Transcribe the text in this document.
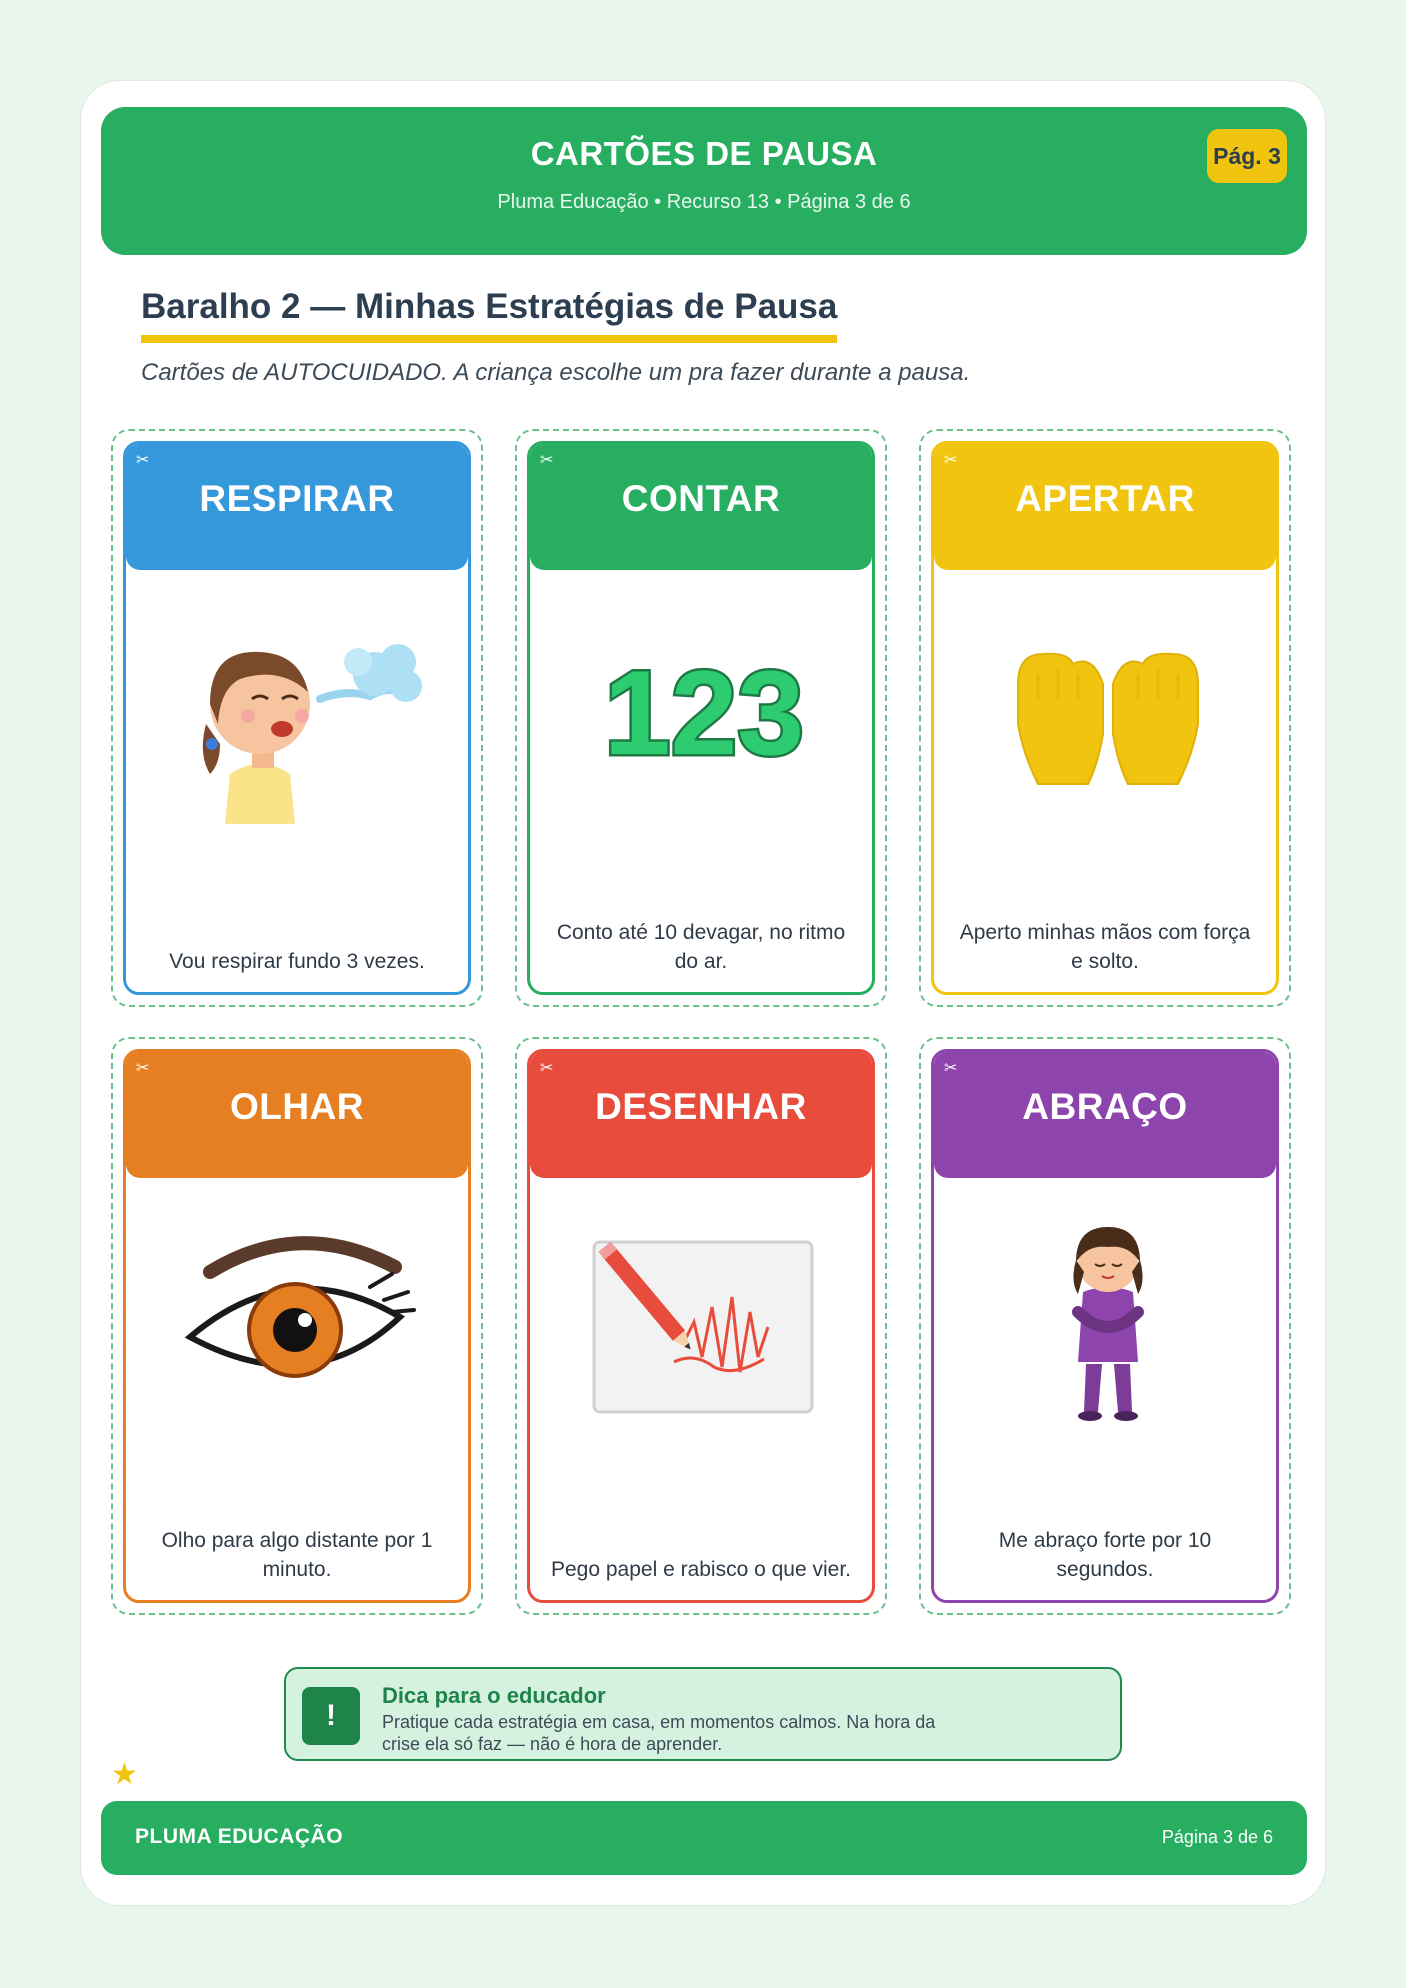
CARTÕES DE PAUSA
Pluma Educação • Recurso 13 • Página 3 de 6
Pág. 3
Baralho 2 — Minhas Estratégias de Pausa
Cartões de AUTOCUIDADO. A criança escolhe um pra fazer durante a pausa.
✂
RESPIRAR
Vou respirar fundo 3 vezes.
✂
CONTAR
123
Conto até 10 devagar, no ritmo do ar.
✂
APERTAR
Aperto minhas mãos com força e solto.
✂
OLHAR
Olho para algo distante por 1 minuto.
✂
DESENHAR
Pego papel e rabisco o que vier.
✂
ABRAÇO
Me abraço forte por 10 segundos.
!
Dica para o educador
Pratique cada estratégia em casa, em momentos calmos. Na hora da crise ela só faz — não é hora de aprender.
★
PLUMA EDUCAÇÃO	Página 3 de 6
